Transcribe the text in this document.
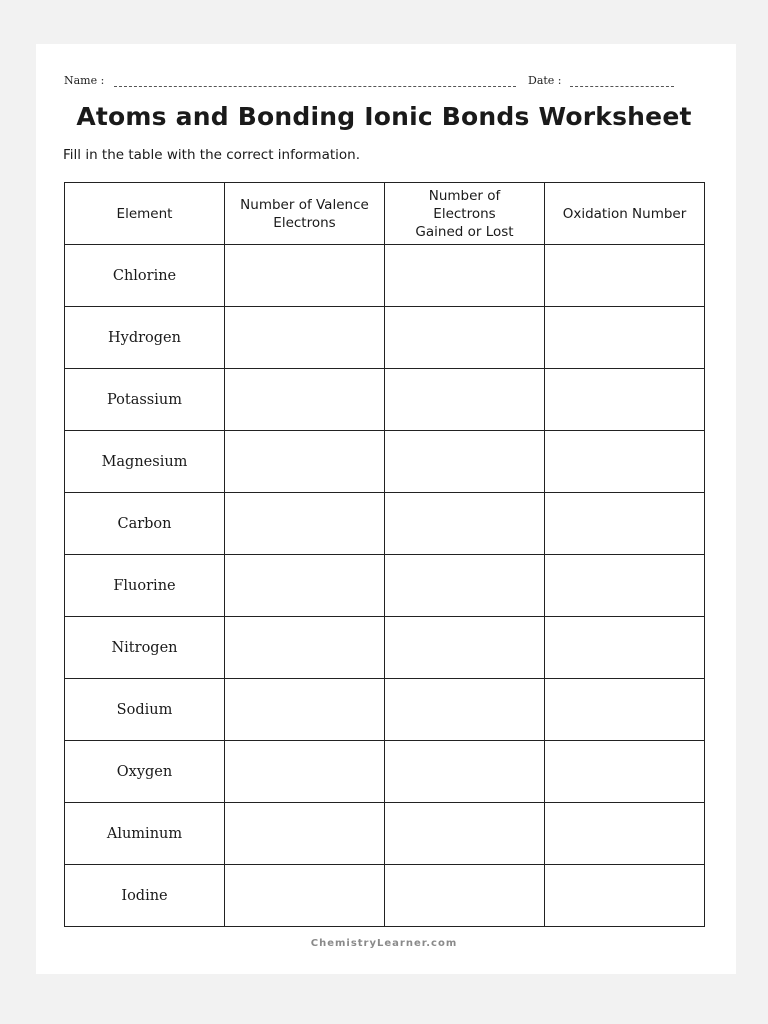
Name :	Date :
Atoms and Bonding Ionic Bonds Worksheet
Fill in the table with the correct information.
Element	Number of Valence Electrons	Number of Electrons Gained or Lost	Oxidation Number
Chlorine			
Hydrogen			
Potassium			
Magnesium			
Carbon			
Fluorine			
Nitrogen			
Sodium			
Oxygen			
Aluminum			
Iodine			
ChemistryLearner.com
